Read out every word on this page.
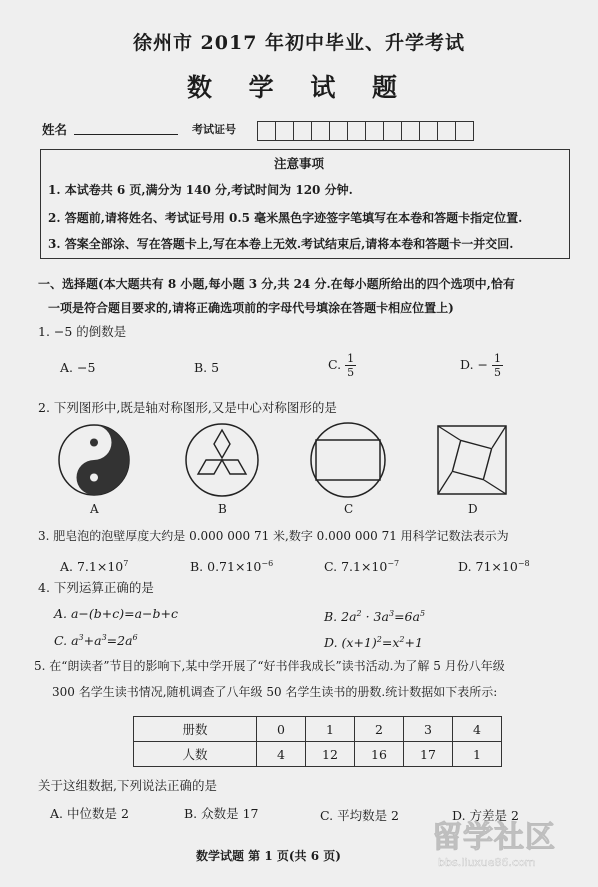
徐州市 2017 年初中毕业、升学考试
数 学 试 题
姓名	考试证号
注意事项
1. 本试卷共 6 页,满分为 140 分,考试时间为 120 分钟.
2. 答题前,请将姓名、考试证号用 0.5 毫米黑色字迹签字笔填写在本卷和答题卡指定位置.
3. 答案全部涂、写在答题卡上,写在本卷上无效.考试结束后,请将本卷和答题卡一并交回.
一、选择题(本大题共有 8 小题,每小题 3 分,共 24 分.在每小题所给出的四个选项中,恰有
一项是符合题目要求的,请将正确选项前的字母代号填涂在答题卡相应位置上)
1. −5 的倒数是
A. −5	B. 5	C. $\frac{1}{5}$	D. − $\frac{1}{5}$
2. 下列图形中,既是轴对称图形,又是中心对称图形的是
A	B	C	D
3. 肥皂泡的泡壁厚度大约是 0.000 000 71 米,数字 0.000 000 71 用科学记数法表示为
A. $7.1\times 10^7$	B. $0.71\times 10^{-6}$	C. $7.1\times 10^{-7}$	D. $71\times 10^{-8}$
4. 下列运算正确的是
A. a−(b+c)=a−b+c	B. $2a^2 \cdot 3a^3=6a^5$
C. $a^3+a^3=2a^6$	D. $(x+1)^2=x^2+1$
5. 在“朗读者”节目的影响下,某中学开展了“好书伴我成长”读书活动.为了解 5 月份八年级
300 名学生读书情况,随机调查了八年级 50 名学生读书的册数.统计数据如下表所示:
册数	0	1	2	3	4
人数	4	12	16	17	1
关于这组数据,下列说法正确的是
A. 中位数是 2	B. 众数是 17	C. 平均数是 2	D. 方差是 2
数学试题 第 1 页(共 6 页)
留学社区
bbs.liuxue86.com
